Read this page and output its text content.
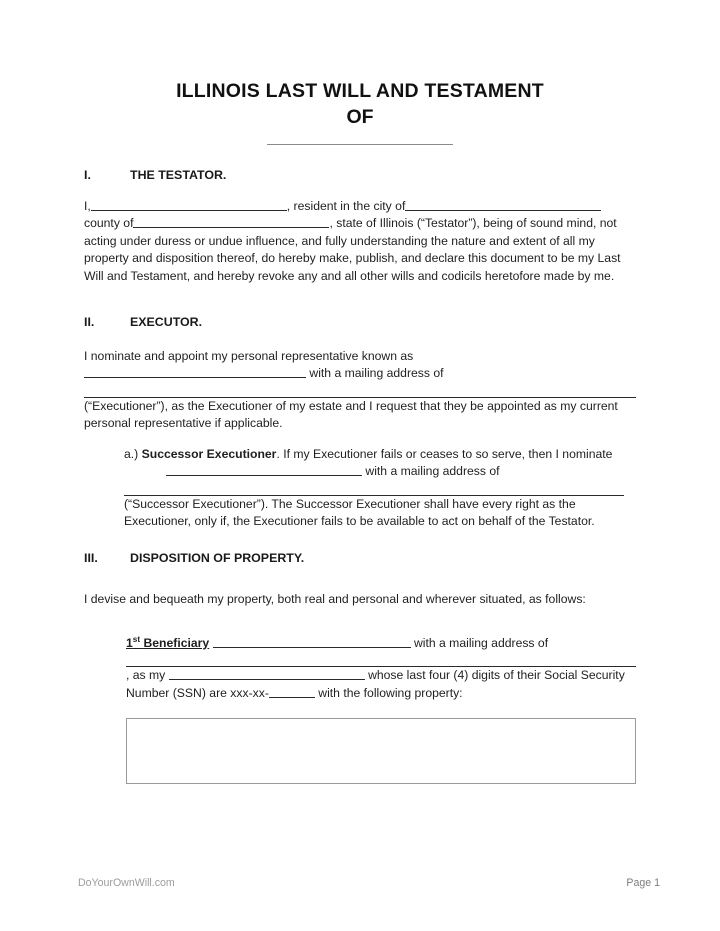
ILLINOIS LAST WILL AND TESTAMENT
OF
I.	THE TESTATOR.
I,	, resident in the city of county of	, state of Illinois (“Testator”), being of sound mind, not acting under duress or undue influence, and fully understanding the nature and extent of all my property and disposition thereof, do hereby make, publish, and declare this document to be my Last Will and Testament, and hereby revoke any and all other wills and codicils heretofore made by me.
II.	EXECUTOR.
I nominate and appoint my personal representative known as  with a mailing address of
(“Executioner”), as the Executioner of my estate and I request that they be appointed as my current personal representative if applicable.
a.) Successor Executioner. If my Executioner fails or ceases to so serve, then I nominate  with a mailing address of
(“Successor Executioner”). The Successor Executioner shall have every right as the Executioner, only if, the Executioner fails to be available to act on behalf of the Testator.
III.	DISPOSITION OF PROPERTY.
I devise and bequeath my property, both real and personal and wherever situated, as follows:
1st Beneficiary	with a mailing address of
, as my	whose last four (4) digits of their Social Security Number (SSN) are xxx-xx-	with the following property:
DoYourOwnWill.com	Page 1
